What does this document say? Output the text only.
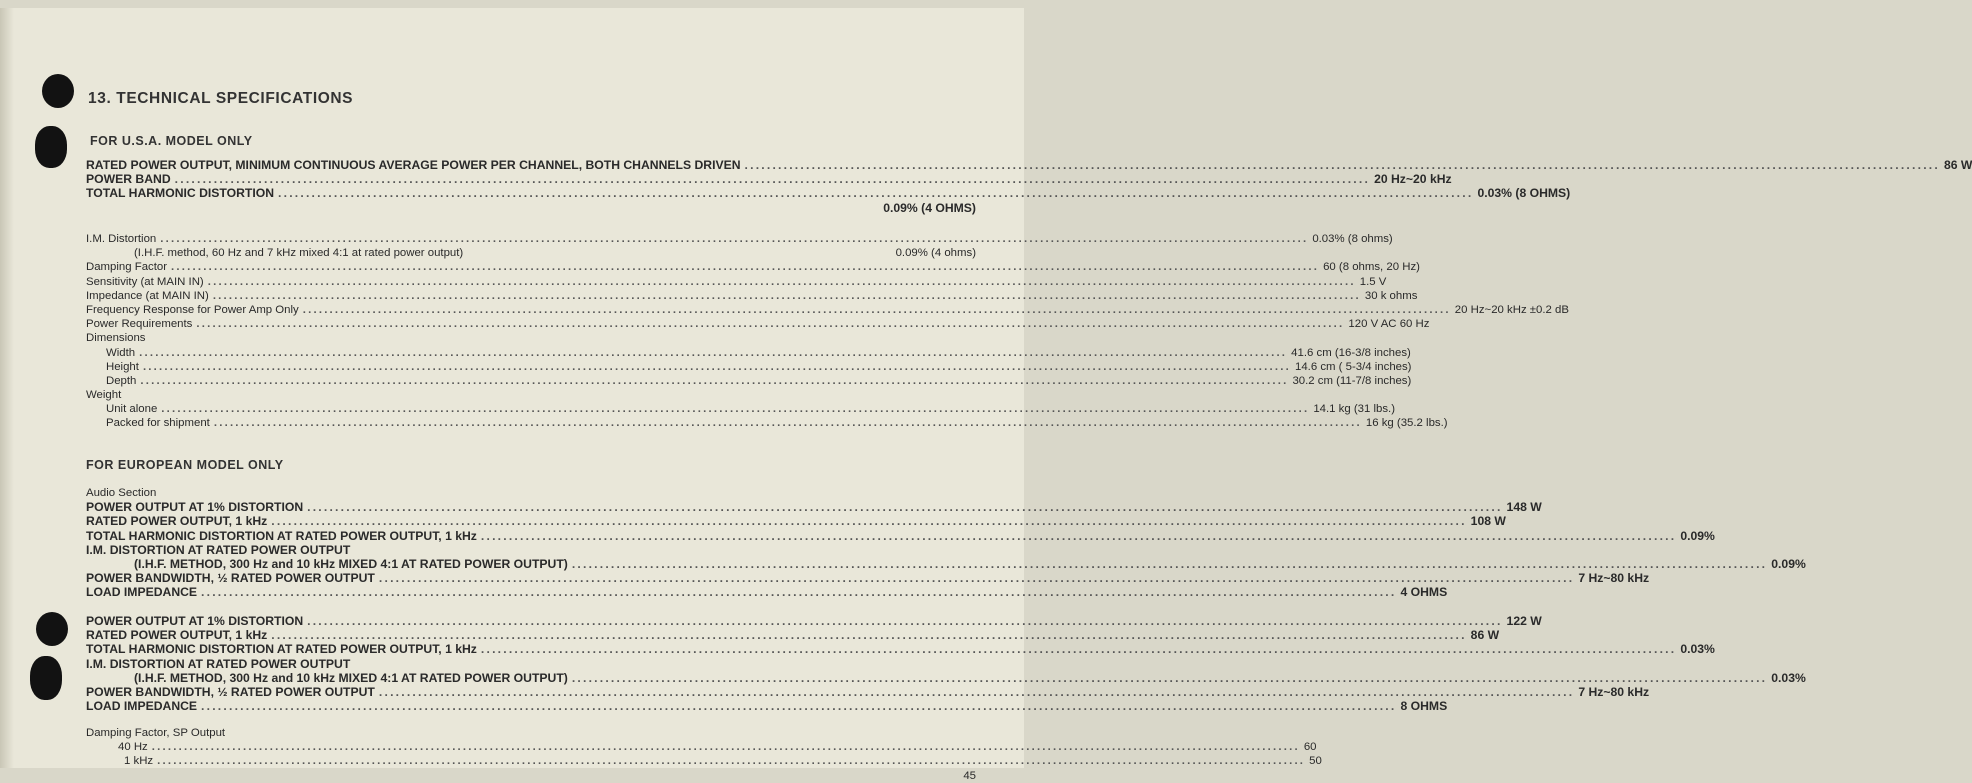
13. TECHNICAL SPECIFICATIONS
FOR U.S.A. MODEL ONLY
RATED POWER OUTPUT, MINIMUM CONTINUOUS AVERAGE POWER PER CHANNEL, BOTH CHANNELS DRIVEN .....	86 W
POWER BAND .....	20 Hz~20 kHz
TOTAL HARMONIC DISTORTION .....	0.03% (8 OHMS)
0.09% (4 OHMS)
I.M. Distortion .....	0.03% (8 ohms)
(I.H.F. method, 60 Hz and 7 kHz mixed 4:1 at rated power output)	0.09% (4 ohms)
Damping Factor .....	60 (8 ohms, 20 Hz)
Sensitivity (at MAIN IN) .....	1.5 V
Impedance (at MAIN IN) .....	30 k ohms
Frequency Response for Power Amp Only .....	20 Hz~20 kHz ±0.2 dB
Power Requirements .....	120 V AC 60 Hz
Dimensions
Width .....	41.6 cm (16-3/8 inches)
Height .....	14.6 cm ( 5-3/4 inches)
Depth .....	30.2 cm (11-7/8 inches)
Weight
Unit alone .....	14.1 kg (31 lbs.)
Packed for shipment .....	16 kg (35.2 lbs.)
FOR EUROPEAN MODEL ONLY
Audio Section
POWER OUTPUT AT 1% DISTORTION .....	148 W
RATED POWER OUTPUT, 1 kHz .....	108 W
TOTAL HARMONIC DISTORTION AT RATED POWER OUTPUT, 1 kHz .....	0.09%
I.M. DISTORTION AT RATED POWER OUTPUT
(I.H.F. METHOD, 300 Hz and 10 kHz MIXED 4:1 AT RATED POWER OUTPUT) .....	0.09%
POWER BANDWIDTH, ½ RATED POWER OUTPUT .....	7 Hz~80 kHz
LOAD IMPEDANCE .....	4 OHMS
POWER OUTPUT AT 1% DISTORTION .....	122 W
RATED POWER OUTPUT, 1 kHz .....	86 W
TOTAL HARMONIC DISTORTION AT RATED POWER OUTPUT, 1 kHz .....	0.03%
I.M. DISTORTION AT RATED POWER OUTPUT
(I.H.F. METHOD, 300 Hz and 10 kHz MIXED 4:1 AT RATED POWER OUTPUT) .....	0.03%
POWER BANDWIDTH, ½ RATED POWER OUTPUT .....	7 Hz~80 kHz
LOAD IMPEDANCE .....	8 OHMS
Damping Factor, SP Output
40 Hz .....	60
1 kHz .....	50
45
